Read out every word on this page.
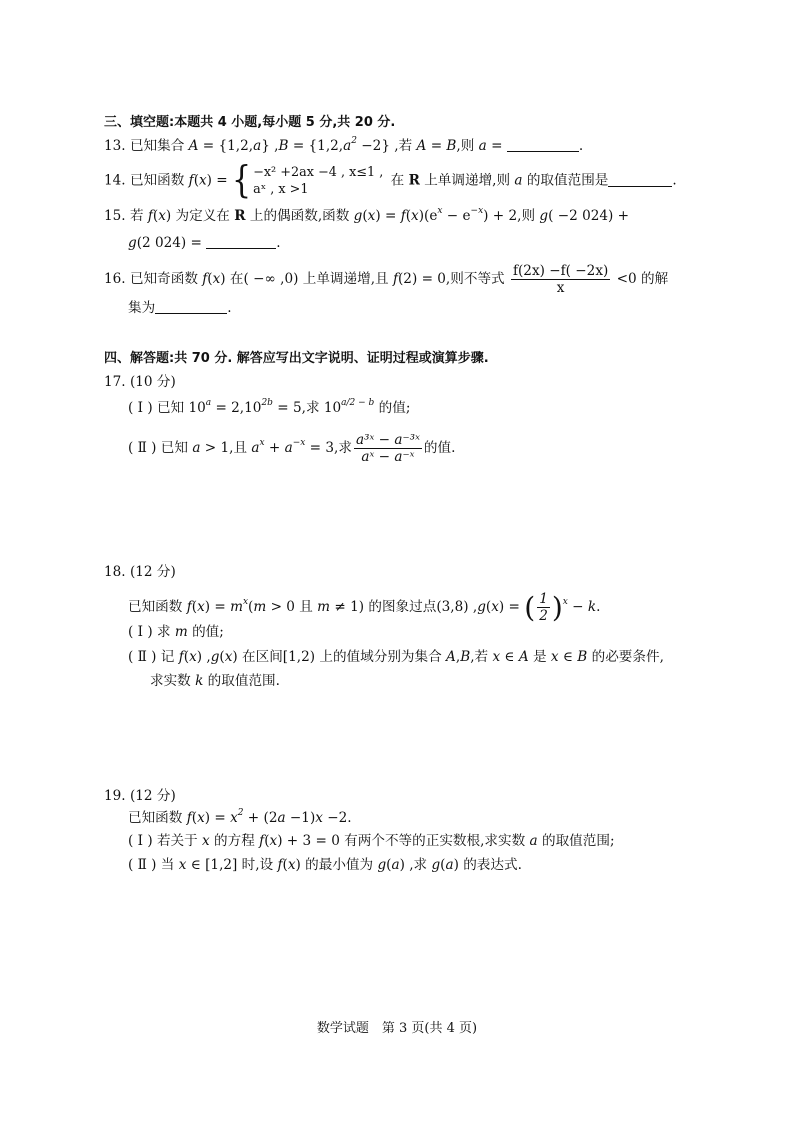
三、填空题:本题共 4 小题,每小题 5 分,共 20 分.
13. 已知集合 A = {1,2,a} $,B = \{1,2,a^2 -2\}$ ,若 A = B,则 a =	.
14. 已知函数 f(x) = { −x² +2ax −4 , x≤1 ,
aˣ , x >1
在 R 上单调递增,则 a 的取值范围是	.
15. 若 f(x) 为定义在 R 上的偶函数,函数 $g(x) = f(x)(e^x - e^{-x}) + 2$,则 g( −2 024) +
g(2 024) =	.
16. 已知奇函数 f(x) 在( −∞ ,0) 上单调递增,且 f(2) = 0,则不等式 $\frac{f(2x) -f( -2x)}{x} <0$ 的解
集为	.
四、解答题:共 70 分. 解答应写出文字说明、证明过程或演算步骤.
17. (10 分)
( Ⅰ ) 已知 $10^a = 2,10^{2b} = 5$,求 $10^{a/2 - b}$ 的值;
( Ⅱ ) 已知 a > 1,且 $a^x + a^{-x} = 3$,求 $\frac{\text{a³ˣ − a⁻³ˣ}}{\text{aˣ − a⁻ˣ}}$ 的值.
18. (12 分)
已知函数 $f(x) = m^x(m > 0$ 且 m ≠ 1) 的图象过点(3,8) ,g(x) = ( $\frac{1}{2} )^x - k$.
( Ⅰ ) 求 m 的值;
( Ⅱ ) 记 f(x) ,g(x) 在区间[1,2) 上的值域分别为集合 A,B,若 x ∈ A 是 x ∈ B 的必要条件,
求实数 k 的取值范围.
19. (12 分)
已知函数 $f(x) = x^2 + (2a -1)x -2$.
( Ⅰ ) 若关于 x 的方程 f(x) + 3 = 0 有两个不等的正实数根,求实数 a 的取值范围;
( Ⅱ ) 当 x ∈ [1,2] 时,设 f(x) 的最小值为 g(a) ,求 g(a) 的表达式.
数学试题　第 3 页(共 4 页)
